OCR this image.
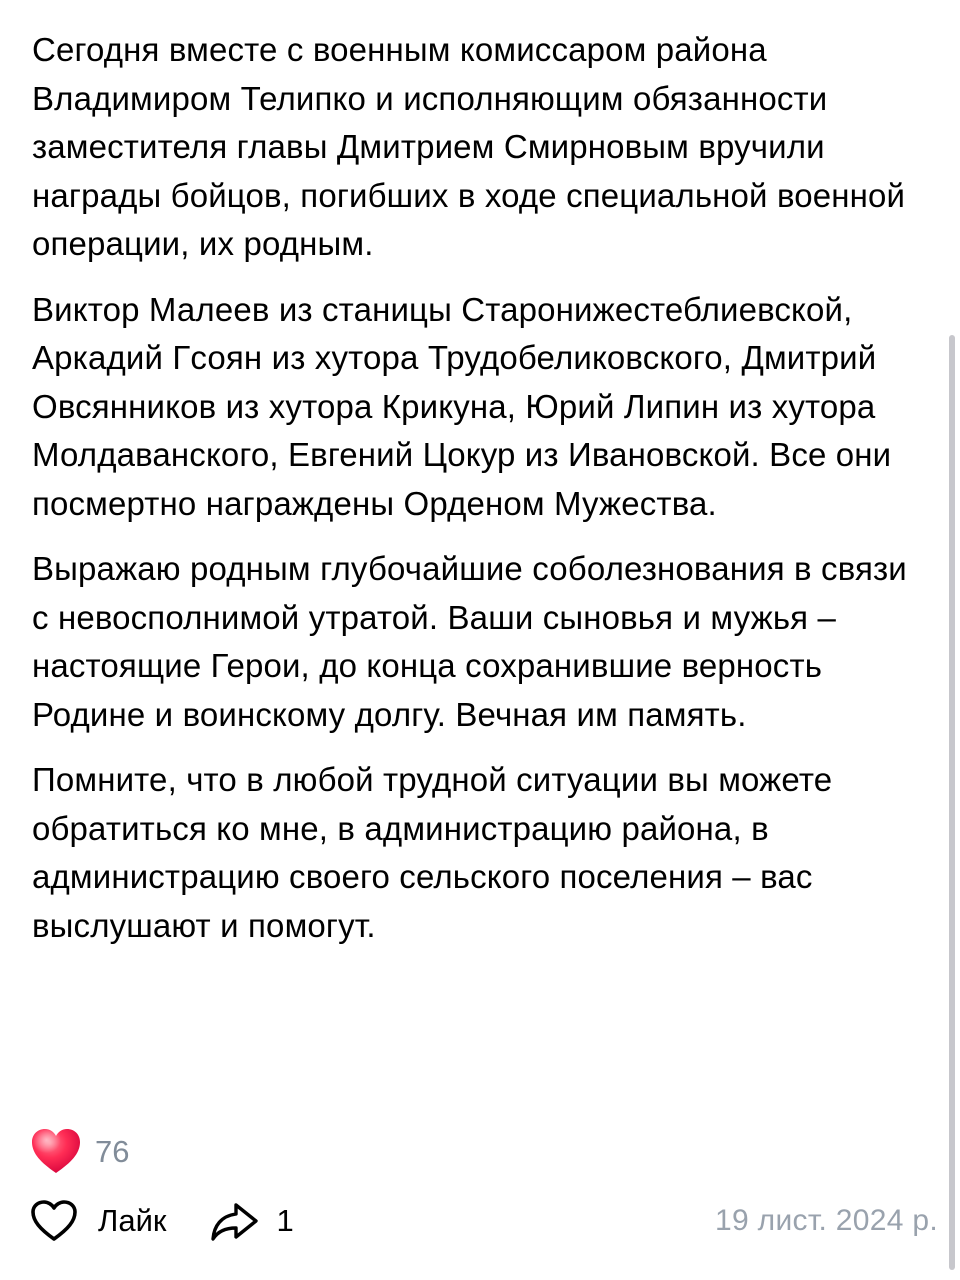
Сегодня вместе с военным комиссаром района Владимиром Телипко и исполняющим обязанности заместителя главы Дмитрием Смирновым вручили награды бойцов, погибших в ходе специальной военной операции, их родным.

Виктор Малеев из станицы Старонижестеблиевской, Аркадий Гсоян из хутора Трудобеликовского, Дмитрий Овсянников из хутора Крикуна, Юрий Липин из хутора Молдаванского, Евгений Цокур из Ивановской. Все они посмертно награждены Орденом Мужества.

Выражаю родным глубочайшие соболезнования в связи с невосполнимой утратой. Ваши сыновья и мужья – настоящие Герои, до конца сохранившие верность Родине и воинскому долгу. Вечная им память.

Помните, что в любой трудной ситуации вы можете обратиться ко мне, в администрацию района, в администрацию своего сельского поселения – вас выслушают и помогут.

76
Лайк	1	19 лист. 2024 р.
